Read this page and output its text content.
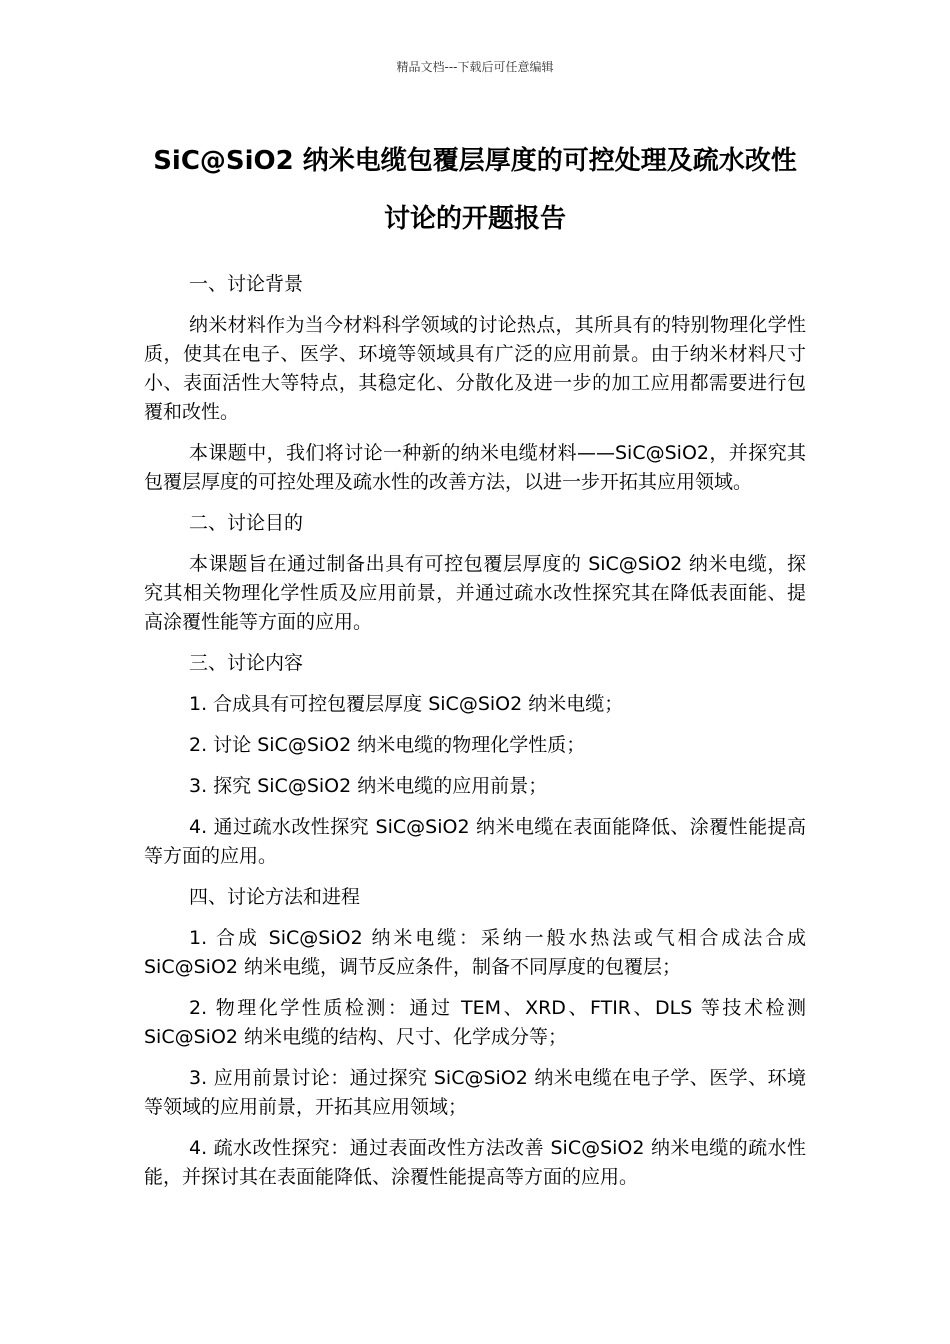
精品文档---下载后可任意编辑
SiC@SiO2 纳米电缆包覆层厚度的可控处理及疏水改性讨论的开题报告

一、讨论背景

纳米材料作为当今材料科学领域的讨论热点，其所具有的特别物理化学性质，使其在电子、医学、环境等领域具有广泛的应用前景。由于纳米材料尺寸小、表面活性大等特点，其稳定化、分散化及进一步的加工应用都需要进行包覆和改性。

本课题中，我们将讨论一种新的纳米电缆材料——SiC@SiO2，并探究其包覆层厚度的可控处理及疏水性的改善方法，以进一步开拓其应用领域。

二、讨论目的

本课题旨在通过制备出具有可控包覆层厚度的 SiC@SiO2 纳米电缆，探究其相关物理化学性质及应用前景，并通过疏水改性探究其在降低表面能、提高涂覆性能等方面的应用。

三、讨论内容

1. 合成具有可控包覆层厚度 SiC@SiO2 纳米电缆；

2. 讨论 SiC@SiO2 纳米电缆的物理化学性质；

3. 探究 SiC@SiO2 纳米电缆的应用前景；

4. 通过疏水改性探究 SiC@SiO2 纳米电缆在表面能降低、涂覆性能提高等方面的应用。

四、讨论方法和进程

1. 合成 SiC@SiO2 纳米电缆：采纳一般水热法或气相合成法合成 SiC@SiO2 纳米电缆，调节反应条件，制备不同厚度的包覆层；

2. 物理化学性质检测：通过 TEM、XRD、FTIR、DLS 等技术检测 SiC@SiO2 纳米电缆的结构、尺寸、化学成分等；

3. 应用前景讨论：通过探究 SiC@SiO2 纳米电缆在电子学、医学、环境等领域的应用前景，开拓其应用领域；

4. 疏水改性探究：通过表面改性方法改善 SiC@SiO2 纳米电缆的疏水性能，并探讨其在表面能降低、涂覆性能提高等方面的应用。
